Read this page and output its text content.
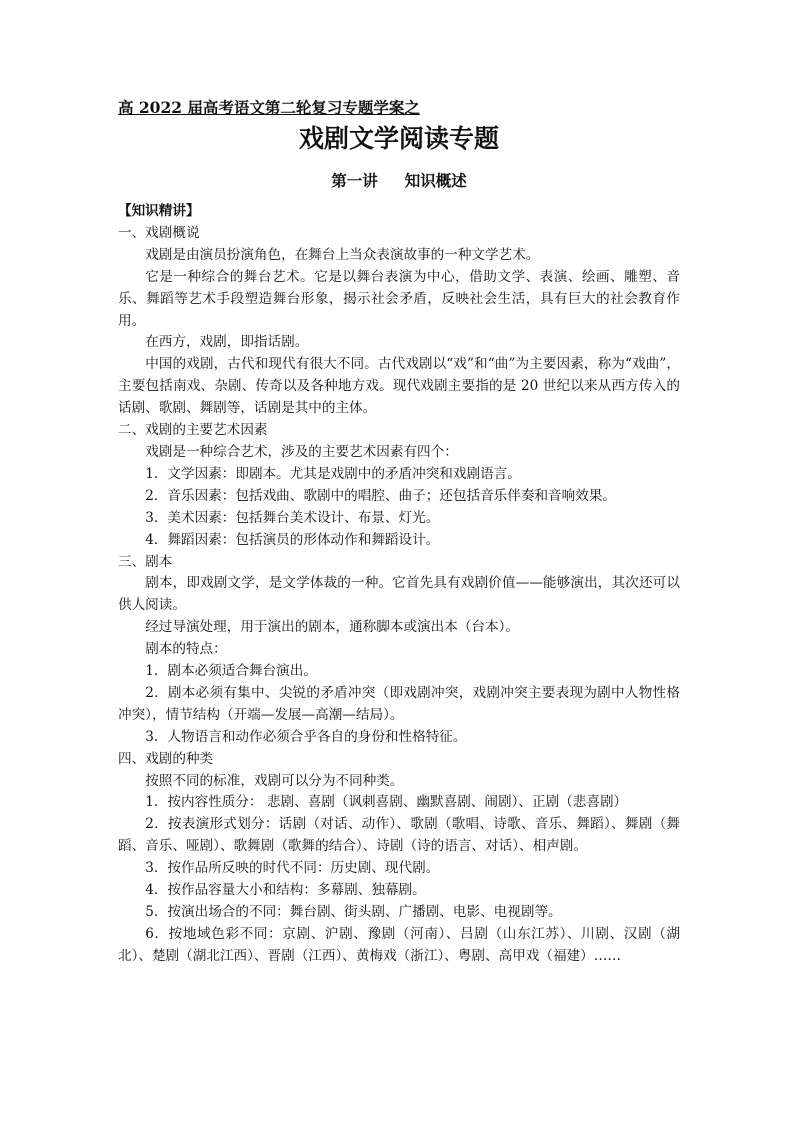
高 2022 届高考语文第二轮复习专题学案之

戏剧文学阅读专题
第一讲     知识概述

【知识精讲】

一、戏剧概说

戏剧是由演员扮演角色，在舞台上当众表演故事的一种文学艺术。

它是一种综合的舞台艺术。它是以舞台表演为中心，借助文学、表演、绘画、雕塑、音乐、舞蹈等艺术手段塑造舞台形象，揭示社会矛盾，反映社会生活，具有巨大的社会教育作用。

在西方，戏剧，即指话剧。

中国的戏剧，古代和现代有很大不同。古代戏剧以“戏”和“曲”为主要因素，称为“戏曲”，主要包括南戏、杂剧、传奇以及各种地方戏。现代戏剧主要指的是 20 世纪以来从西方传入的话剧、歌剧、舞剧等，话剧是其中的主体。

二、戏剧的主要艺术因素

戏剧是一种综合艺术，涉及的主要艺术因素有四个：

1．文学因素：即剧本。尤其是戏剧中的矛盾冲突和戏剧语言。

2．音乐因素：包括戏曲、歌剧中的唱腔、曲子；还包括音乐伴奏和音响效果。

3．美术因素：包括舞台美术设计、布景、灯光。

4．舞蹈因素：包括演员的形体动作和舞蹈设计。

三、剧本

剧本，即戏剧文学，是文学体裁的一种。它首先具有戏剧价值——能够演出，其次还可以供人阅读。

经过导演处理，用于演出的剧本，通称脚本或演出本（台本）。

剧本的特点：

1．剧本必须适合舞台演出。

2．剧本必须有集中、尖锐的矛盾冲突（即戏剧冲突，戏剧冲突主要表现为剧中人物性格冲突），情节结构（开端—发展—高潮—结局）。

3．人物语言和动作必须合乎各自的身份和性格特征。

四、戏剧的种类

按照不同的标准，戏剧可以分为不同种类。

1．按内容性质分： 悲剧、喜剧（讽刺喜剧、幽默喜剧、闹剧）、正剧（悲喜剧）

2．按表演形式划分：话剧（对话、动作）、歌剧（歌唱、诗歌、音乐、舞蹈）、舞剧（舞蹈、音乐、哑剧）、歌舞剧（歌舞的结合）、诗剧（诗的语言、对话）、相声剧。

3．按作品所反映的时代不同：历史剧、现代剧。

4．按作品容量大小和结构：多幕剧、独幕剧。

5．按演出场合的不同：舞台剧、街头剧、广播剧、电影、电视剧等。

6．按地域色彩不同：京剧、沪剧、豫剧（河南）、吕剧（山东江苏）、川剧、汉剧（湖北）、楚剧（湖北江西）、晋剧（江西）、黄梅戏（浙江）、粤剧、高甲戏（福建）……
